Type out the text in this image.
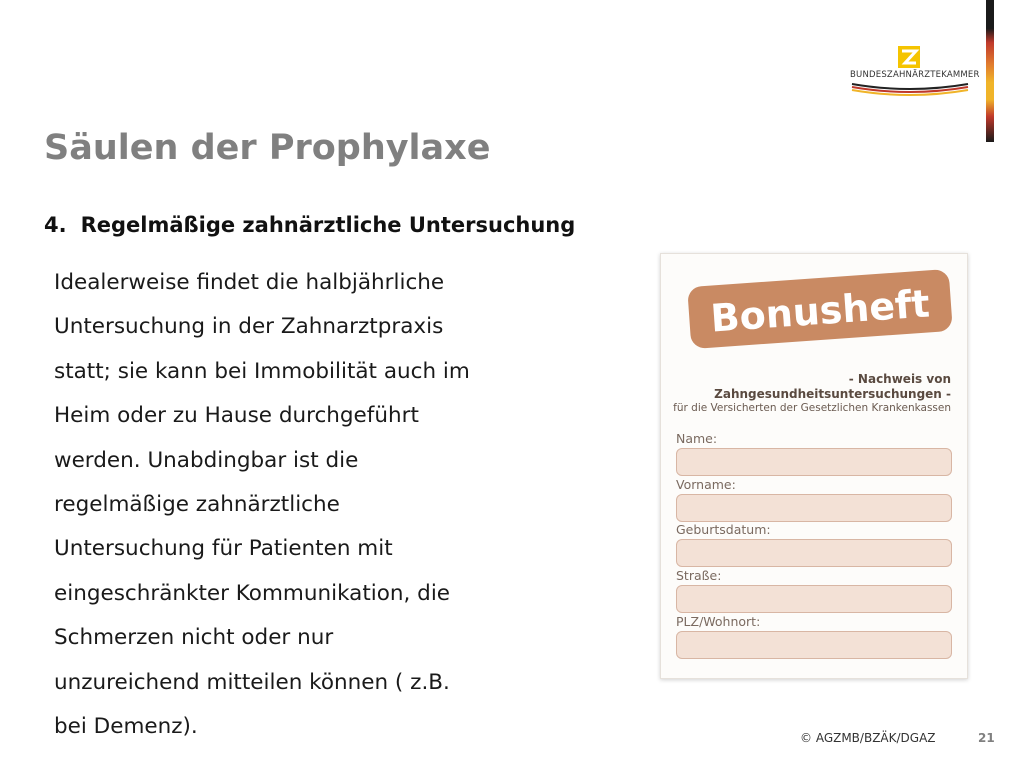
BUNDESZAHNÄRZTEKAMMER
Säulen der Prophylaxe
4. Regelmäßige zahnärztliche Untersuchung
Idealerweise findet die halbjährliche
Untersuchung in der Zahnarztpraxis
statt; sie kann bei Immobilität auch im
Heim oder zu Hause durchgeführt
werden. Unabdingbar ist die
regelmäßige zahnärztliche
Untersuchung für Patienten mit
eingeschränkter Kommunikation, die
Schmerzen nicht oder nur
unzureichend mitteilen können ( z.B.
bei Demenz).
Bonusheft
- Nachweis von
Zahngesundheitsuntersuchungen -
für die Versicherten der Gesetzlichen Krankenkassen
Name:
Vorname:
Geburtsdatum:
Straße:
PLZ/Wohnort:
© AGZMB/BZÄK/DGAZ	21
